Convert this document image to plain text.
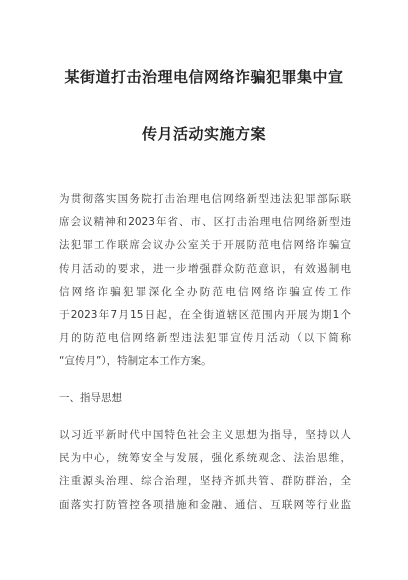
某街道打击治理电信网络诈骗犯罪集中宣
传月活动实施方案
为贯彻落实国务院打击治理电信网络新型违法犯罪部际联
席会议精神和2023年省、市、区打击治理电信网络新型违
法犯罪工作联席会议办公室关于开展防范电信网络诈骗宣
传月活动的要求，进一步增强群众防范意识，有效遏制电
信网络诈骗犯罪深化全办防范电信网络诈骗宣传工作
于2023年7月15日起，在全街道辖区范围内开展为期1个
月的防范电信网络新型违法犯罪宣传月活动（以下简称
“宣传月”），特制定本工作方案。
一、指导思想
以习近平新时代中国特色社会主义思想为指导，坚持以人
民为中心，统筹安全与发展，强化系统观念、法治思维，
注重源头治理、综合治理，坚持齐抓共管、群防群治，全
面落实打防管控各项措施和金融、通信、互联网等行业监
